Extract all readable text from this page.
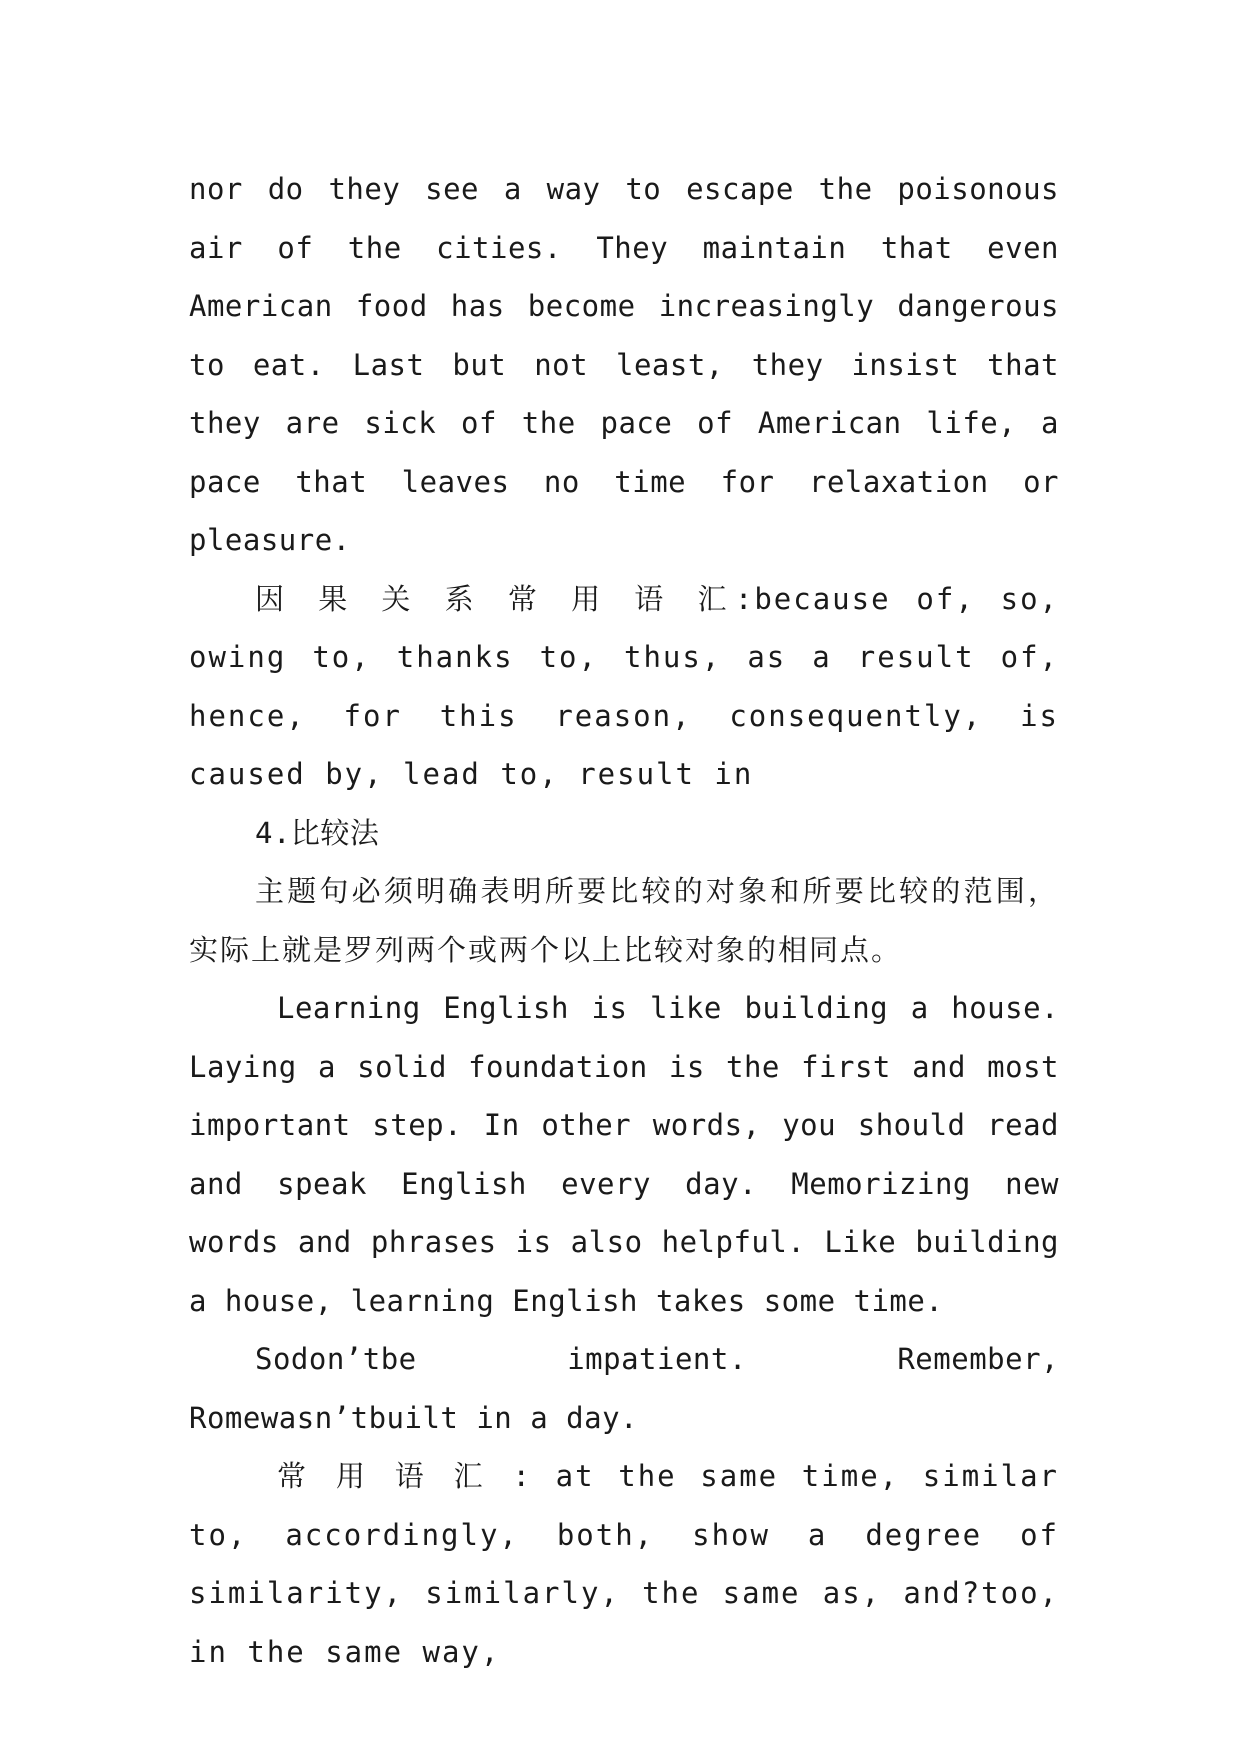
nor do they see a way to escape the poisonous air of the cities. They maintain that even American food has become increasingly dangerous to eat. Last but not least, they insist that they are sick of the pace of American life, a pace that leaves no time for relaxation or pleasure.

因 果 关 系 常 用 语 汇:because of, so, owing to, thanks to, thus, as a result of, hence, for this reason, consequently, is caused by, lead to, result in

4.比较法

主题句必须明确表明所要比较的对象和所要比较的范围，实际上就是罗列两个或两个以上比较对象的相同点。

Learning English is like building a house. Laying a solid foundation is the first and most important step. In other words, you should read and speak English every day. Memorizing new words and phrases is also helpful. Like building a house, learning English takes some time.

Sodon’tbe impatient. Remember, Romewasn’tbuilt in a day.

常 用 语 汇 : at the same time, similar to, accordingly, both, show a degree of similarity, similarly, the same as, and?too, in the same way,
